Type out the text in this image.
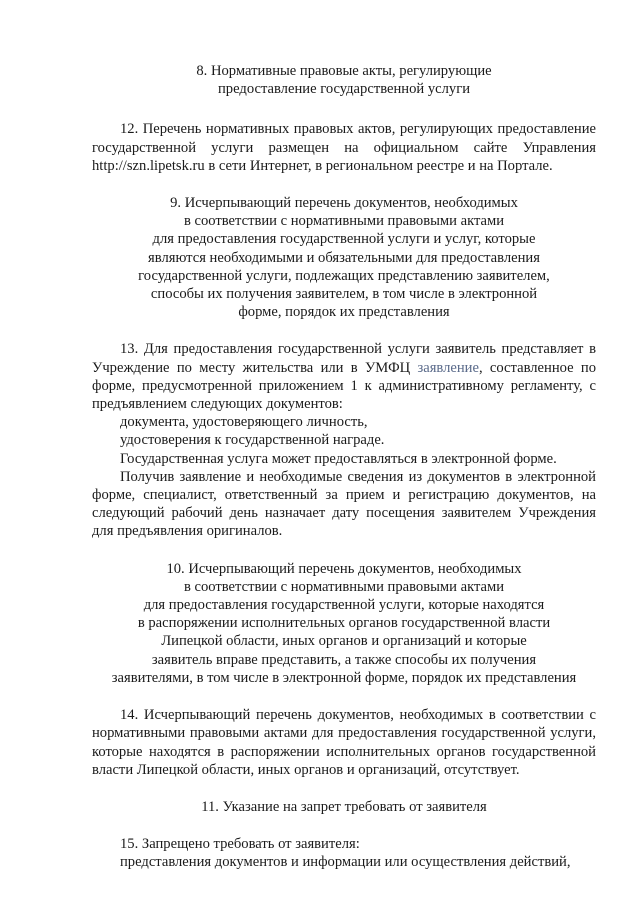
8. Нормативные правовые акты, регулирующие
предоставление государственной услуги

12. Перечень нормативных правовых актов, регулирующих предоставление государственной услуги размещен на официальном сайте Управления http://szn.lipetsk.ru в сети Интернет, в региональном реестре и на Портале.

9. Исчерпывающий перечень документов, необходимых
в соответствии с нормативными правовыми актами
для предоставления государственной услуги и услуг, которые
являются необходимыми и обязательными для предоставления
государственной услуги, подлежащих представлению заявителем,
способы их получения заявителем, в том числе в электронной
форме, порядок их представления

13. Для предоставления государственной услуги заявитель представляет в Учреждение по месту жительства или в УМФЦ заявление, составленное по форме, предусмотренной приложением 1 к административному регламенту, с предъявлением следующих документов:

документа, удостоверяющего личность,

удостоверения к государственной награде.

Государственная услуга может предоставляться в электронной форме.

Получив заявление и необходимые сведения из документов в электронной форме, специалист, ответственный за прием и регистрацию документов, на следующий рабочий день назначает дату посещения заявителем Учреждения для предъявления оригиналов.

10. Исчерпывающий перечень документов, необходимых
в соответствии с нормативными правовыми актами
для предоставления государственной услуги, которые находятся
в распоряжении исполнительных органов государственной власти
Липецкой области, иных органов и организаций и которые
заявитель вправе представить, а также способы их получения
заявителями, в том числе в электронной форме, порядок их представления

14. Исчерпывающий перечень документов, необходимых в соответствии с нормативными правовыми актами для предоставления государственной услуги, которые находятся в распоряжении исполнительных органов государственной власти Липецкой области, иных органов и организаций, отсутствует.

11. Указание на запрет требовать от заявителя

15. Запрещено требовать от заявителя:

представления документов и информации или осуществления действий,
